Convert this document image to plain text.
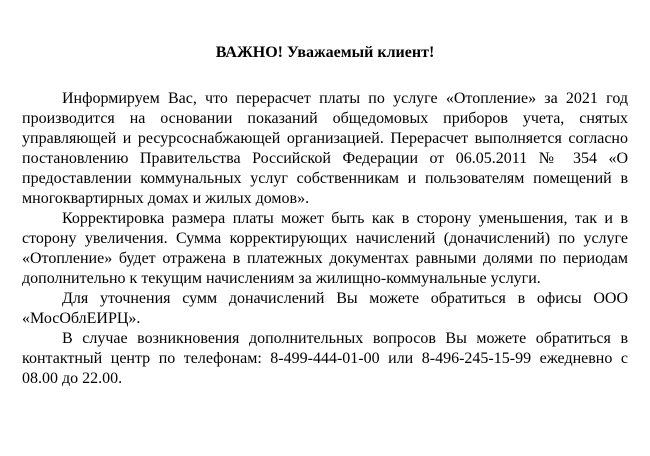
ВАЖНО! Уважаемый клиент!

Информируем Вас, что перерасчет платы по услуге «Отопление» за 2021 год производится на основании показаний общедомовых приборов учета, снятых управляющей и ресурсоснабжающей организацией. Перерасчет выполняется согласно постановлению Правительства Российской Федерации от 06.05.2011 № 354 «О предоставлении коммунальных услуг собственникам и пользователям помещений в многоквартирных домах и жилых домов».

Корректировка размера платы может быть как в сторону уменьшения, так и в сторону увеличения. Сумма корректирующих начислений (доначислений) по услуге «Отопление» будет отражена в платежных документах равными долями по периодам дополнительно к текущим начислениям за жилищно-коммунальные услуги.

Для уточнения сумм доначислений Вы можете обратиться в офисы ООО «МосОблЕИРЦ».

В случае возникновения дополнительных вопросов Вы можете обратиться в контактный центр по телефонам: 8-499-444-01-00 или 8-496-245-15-99 ежедневно с 08.00 до 22.00.
